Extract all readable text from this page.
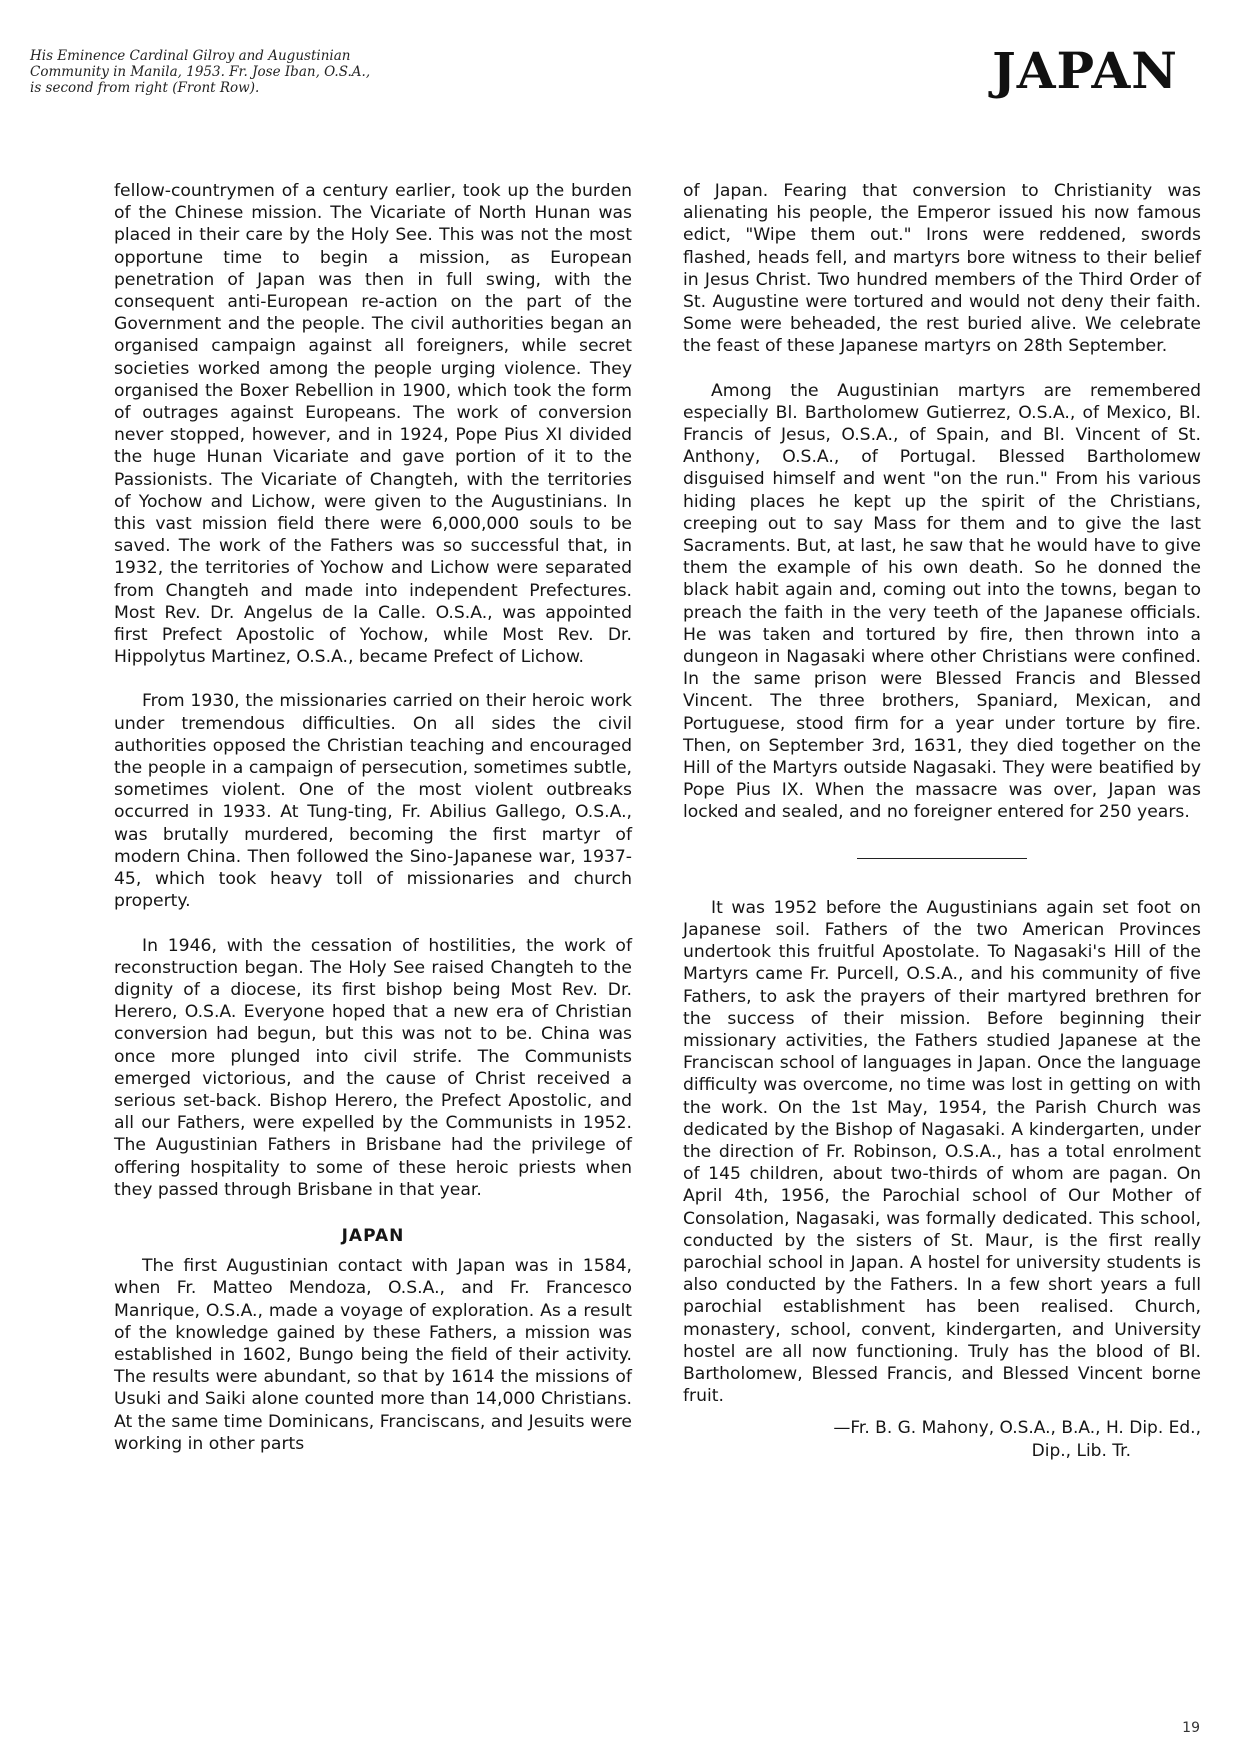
His Eminence Cardinal Gilroy and Augustinian

Community in Manila, 1953. Fr. Jose Iban, O.S.A.,

is second from right (Front Row).	JAPAN

fellow-countrymen of a century earlier, took up the burden of the Chinese mission. The Vicariate of North Hunan was placed in their care by the Holy See. This was not the most opportune time to begin a mission, as European penetration of Japan was then in full swing, with the consequent anti-European re-action on the part of the Government and the people. The civil authorities began an organised campaign against all foreigners, while secret societies worked among the people urging violence. They organised the Boxer Rebellion in 1900, which took the form of outrages against Europeans. The work of conversion never stopped, however, and in 1924, Pope Pius XI divided the huge Hunan Vicariate and gave portion of it to the Passionists. The Vicariate of Changteh, with the territories of Yochow and Lichow, were given to the Augustinians. In this vast mission field there were 6,000,000 souls to be saved. The work of the Fathers was so successful that, in 1932, the territories of Yochow and Lichow were separated from Changteh and made into independent Prefectures. Most Rev. Dr. Angelus de la Calle. O.S.A., was appointed first Prefect Apostolic of Yochow, while Most Rev. Dr. Hippolytus Martinez, O.S.A., became Prefect of Lichow.

From 1930, the missionaries carried on their heroic work under tremendous difficulties. On all sides the civil authorities opposed the Christian teaching and encouraged the people in a campaign of persecution, sometimes subtle, sometimes violent. One of the most violent outbreaks occurred in 1933. At Tung-ting, Fr. Abilius Gallego, O.S.A., was brutally murdered, becoming the first martyr of modern China. Then followed the Sino-Japanese war, 1937-45, which took heavy toll of missionaries and church property.

In 1946, with the cessation of hostilities, the work of reconstruction began. The Holy See raised Changteh to the dignity of a diocese, its first bishop being Most Rev. Dr. Herero, O.S.A. Everyone hoped that a new era of Christian conversion had begun, but this was not to be. China was once more plunged into civil strife. The Communists emerged victorious, and the cause of Christ received a serious set-back. Bishop Herero, the Prefect Apostolic, and all our Fathers, were expelled by the Communists in 1952. The Augustinian Fathers in Brisbane had the privilege of offering hospitality to some of these heroic priests when they passed through Brisbane in that year.

JAPAN

The first Augustinian contact with Japan was in 1584, when Fr. Matteo Mendoza, O.S.A., and Fr. Francesco Manrique, O.S.A., made a voyage of exploration. As a result of the knowledge gained by these Fathers, a mission was established in 1602, Bungo being the field of their activity. The results were abundant, so that by 1614 the missions of Usuki and Saiki alone counted more than 14,000 Christians. At the same time Dominicans, Franciscans, and Jesuits were working in other parts

of Japan. Fearing that conversion to Christianity was alienating his people, the Emperor issued his now famous edict, "Wipe them out." Irons were reddened, swords flashed, heads fell, and martyrs bore witness to their belief in Jesus Christ. Two hundred members of the Third Order of St. Augustine were tortured and would not deny their faith. Some were beheaded, the rest buried alive. We celebrate the feast of these Japanese martyrs on 28th September.

Among the Augustinian martyrs are remembered especially Bl. Bartholomew Gutierrez, O.S.A., of Mexico, Bl. Francis of Jesus, O.S.A., of Spain, and Bl. Vincent of St. Anthony, O.S.A., of Portugal. Blessed Bartholomew disguised himself and went "on the run." From his various hiding places he kept up the spirit of the Christians, creeping out to say Mass for them and to give the last Sacraments. But, at last, he saw that he would have to give them the example of his own death. So he donned the black habit again and, coming out into the towns, began to preach the faith in the very teeth of the Japanese officials. He was taken and tortured by fire, then thrown into a dungeon in Nagasaki where other Christians were confined. In the same prison were Blessed Francis and Blessed Vincent. The three brothers, Spaniard, Mexican, and Portuguese, stood firm for a year under torture by fire. Then, on September 3rd, 1631, they died together on the Hill of the Martyrs outside Nagasaki. They were beatified by Pope Pius IX. When the massacre was over, Japan was locked and sealed, and no foreigner entered for 250 years.

It was 1952 before the Augustinians again set foot on Japanese soil. Fathers of the two American Provinces undertook this fruitful Apostolate. To Nagasaki's Hill of the Martyrs came Fr. Purcell, O.S.A., and his community of five Fathers, to ask the prayers of their martyred brethren for the success of their mission. Before beginning their missionary activities, the Fathers studied Japanese at the Franciscan school of languages in Japan. Once the language difficulty was overcome, no time was lost in getting on with the work. On the 1st May, 1954, the Parish Church was dedicated by the Bishop of Nagasaki. A kindergarten, under the direction of Fr. Robinson, O.S.A., has a total enrolment of 145 children, about two-thirds of whom are pagan. On April 4th, 1956, the Parochial school of Our Mother of Consolation, Nagasaki, was formally dedicated. This school, conducted by the sisters of St. Maur, is the first really parochial school in Japan. A hostel for university students is also conducted by the Fathers. In a few short years a full parochial establishment has been realised. Church, monastery, school, convent, kindergarten, and University hostel are all now functioning. Truly has the blood of Bl. Bartholomew, Blessed Francis, and Blessed Vincent borne fruit.

—Fr. B. G. Mahony, O.S.A., B.A., H. Dip. Ed.,
Dip., Lib. Tr.
19
